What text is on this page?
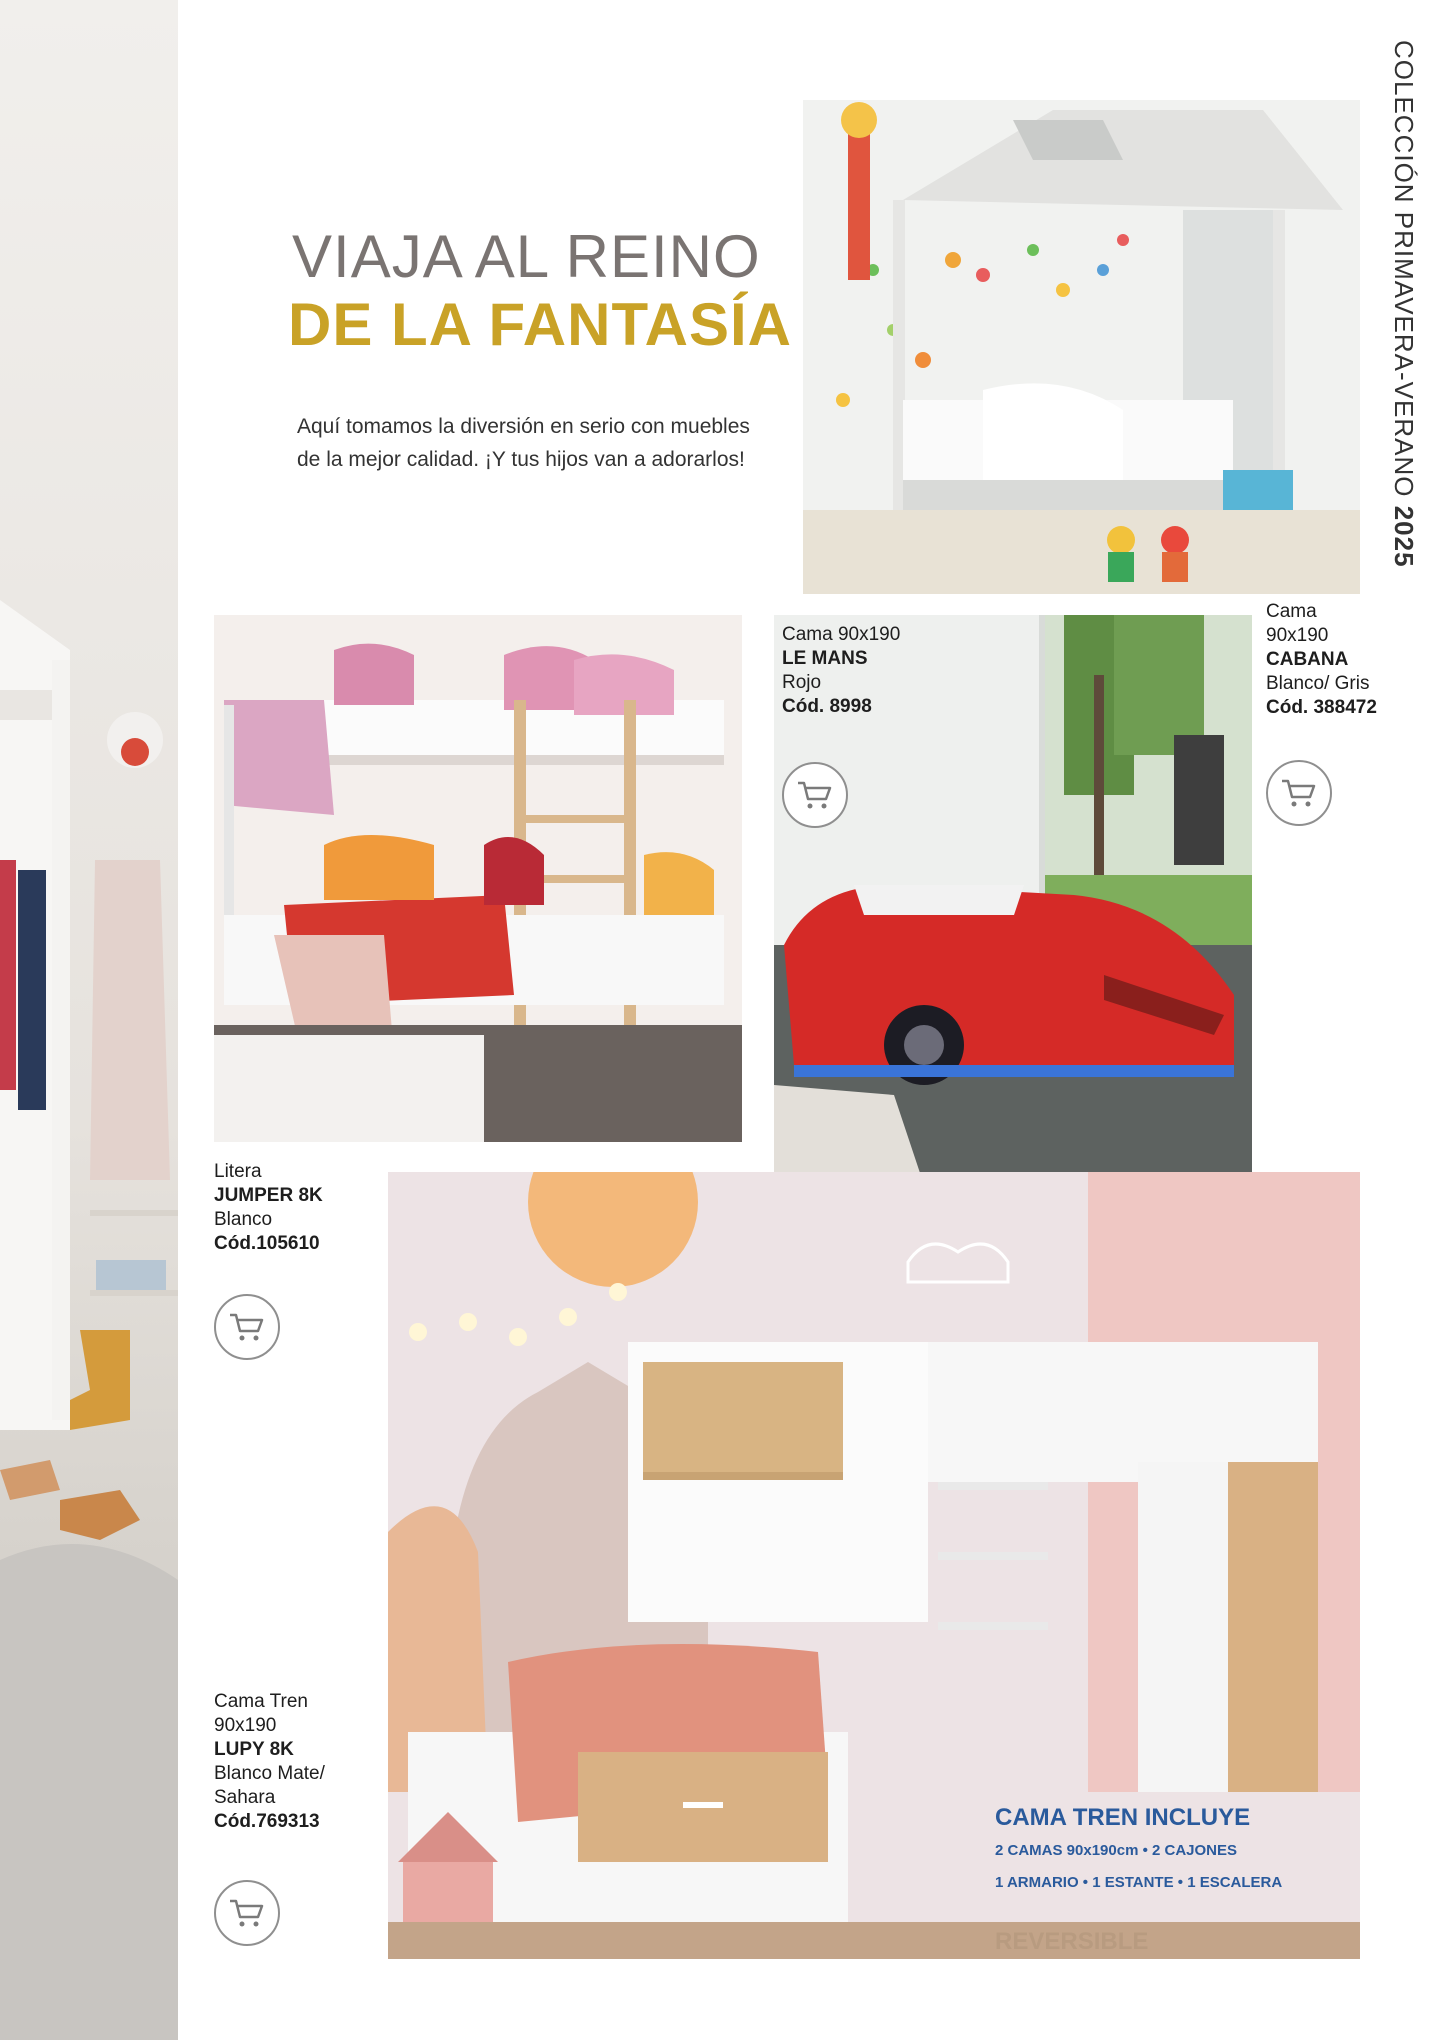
VIAJA AL REINO
DE LA FANTASÍA
Aquí tomamos la diversión en serio con muebles de la mejor calidad. ¡Y tus hijos van a adorarlos!	COLECCIÓN PRIMAVERA-VERANO 2025
Cama 90x190
LE MANS
Rojo
Cód. 8998
Cama
90x190
CABANA
Blanco/ Gris
Cód. 388472
Litera
JUMPER 8K
Blanco
Cód.105610
Cama Tren
90x190
LUPY 8K
Blanco Mate/
Sahara
Cód.769313	CAMA TREN INCLUYE
2 CAMAS 90x190cm • 2 CAJONES
1 ARMARIO • 1 ESTANTE • 1 ESCALERA
REVERSIBLE
